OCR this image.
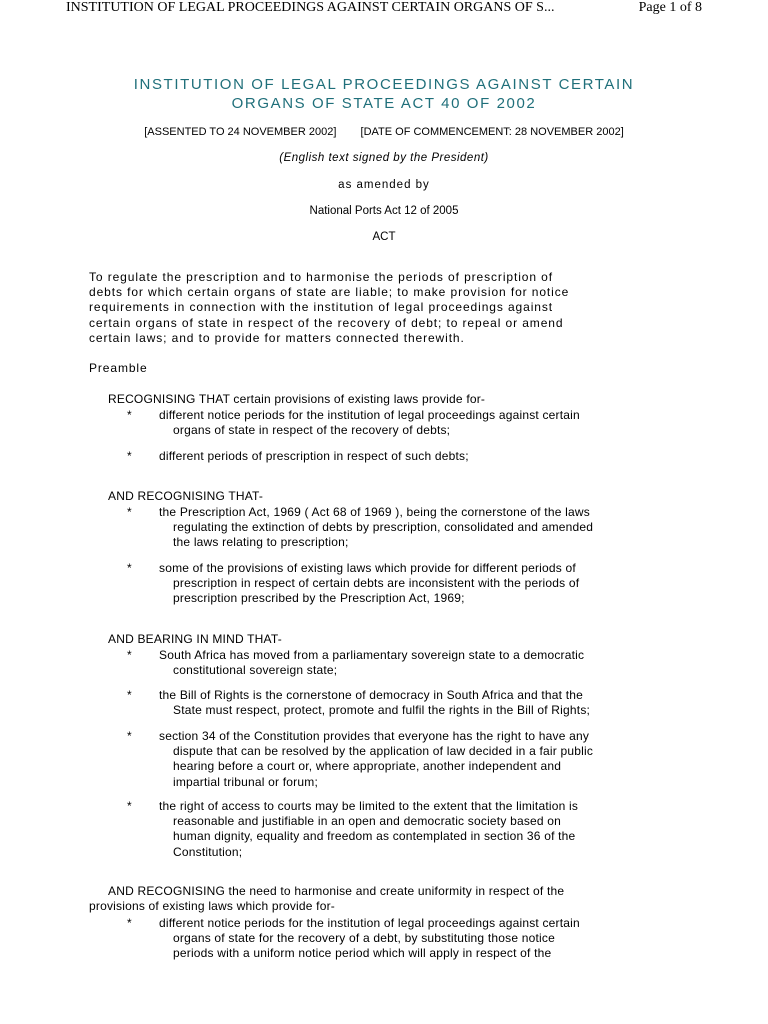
INSTITUTION OF LEGAL PROCEEDINGS AGAINST CERTAIN ORGANS OF S...	Page 1 of 8
INSTITUTION OF LEGAL PROCEEDINGS AGAINST CERTAIN
ORGANS OF STATE ACT 40 OF 2002
[ASSENTED TO 24 NOVEMBER 2002] [DATE OF COMMENCEMENT: 28 NOVEMBER 2002]
(English text signed by the President)
as amended by
National Ports Act 12 of 2005
ACT
To regulate the prescription and to harmonise the periods of prescription of
debts for which certain organs of state are liable; to make provision for notice
requirements in connection with the institution of legal proceedings against
certain organs of state in respect of the recovery of debt; to repeal or amend
certain laws; and to provide for matters connected therewith.
Preamble
RECOGNISING THAT certain provisions of existing laws provide for-
* different notice periods for the institution of legal proceedings against certain
organs of state in respect of the recovery of debts;
* different periods of prescription in respect of such debts;
AND RECOGNISING THAT-
* the Prescription Act, 1969 ( Act 68 of 1969 ), being the cornerstone of the laws
regulating the extinction of debts by prescription, consolidated and amended
the laws relating to prescription;
* some of the provisions of existing laws which provide for different periods of
prescription in respect of certain debts are inconsistent with the periods of
prescription prescribed by the Prescription Act, 1969;
AND BEARING IN MIND THAT-
* South Africa has moved from a parliamentary sovereign state to a democratic
constitutional sovereign state;
* the Bill of Rights is the cornerstone of democracy in South Africa and that the
State must respect, protect, promote and fulfil the rights in the Bill of Rights;
* section 34 of the Constitution provides that everyone has the right to have any
dispute that can be resolved by the application of law decided in a fair public
hearing before a court or, where appropriate, another independent and
impartial tribunal or forum;
* the right of access to courts may be limited to the extent that the limitation is
reasonable and justifiable in an open and democratic society based on
human dignity, equality and freedom as contemplated in section 36 of the
Constitution;
AND RECOGNISING the need to harmonise and create uniformity in respect of the
provisions of existing laws which provide for-
* different notice periods for the institution of legal proceedings against certain
organs of state for the recovery of a debt, by substituting those notice
periods with a uniform notice period which will apply in respect of the
